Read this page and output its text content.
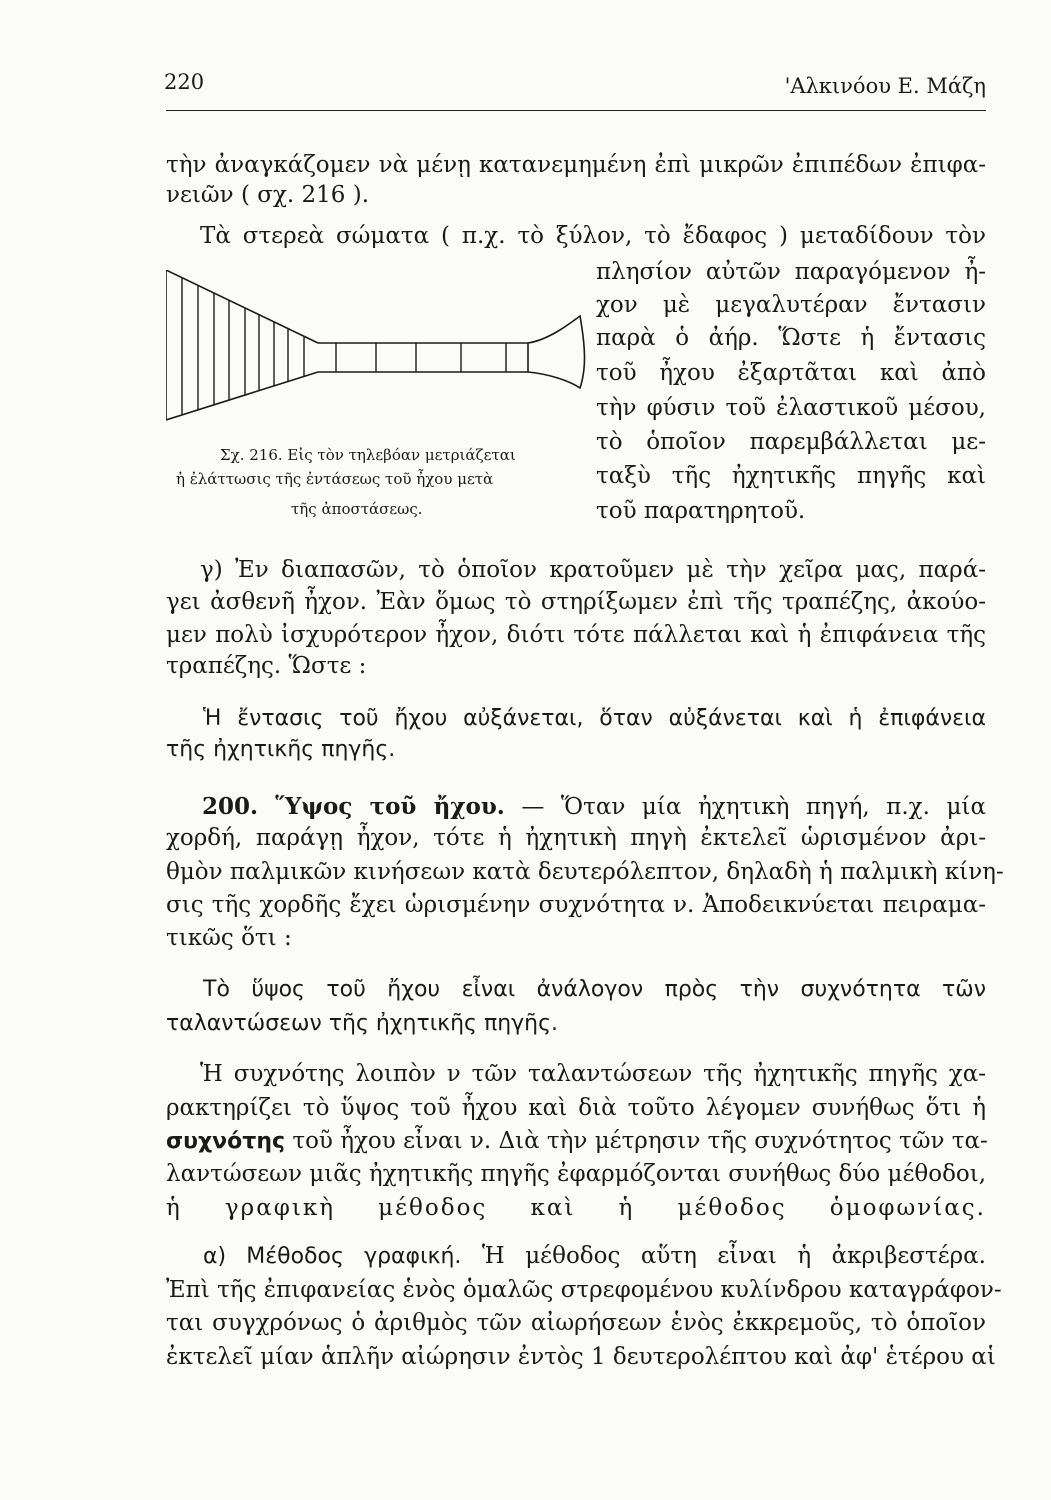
220	'Αλκινόου Ε. Μάζη
τὴν ἀναγκάζομεν νὰ μένῃ κατανεμημένη ἐπὶ μικρῶν ἐπιπέδων ἐπιφα-
νειῶν ( σχ. 216 ).
Τὰ στερεὰ σώματα ( π.χ. τὸ ξύλον, τὸ ἔδαφος ) μεταδίδουν τὸν
πλησίον αὐτῶν παραγόμενον ἦ-
χον μὲ μεγαλυτέραν ἔντασιν
παρὰ ὁ ἀήρ. Ὥστε ἡ ἔντασις
τοῦ ἦχου ἐξαρτᾶται καὶ ἀπὸ
τὴν φύσιν τοῦ ἐλαστικοῦ μέσου,
τὸ ὁποῖον παρεμβάλλεται με-
ταξὺ τῆς ἠχητικῆς πηγῆς καὶ
τοῦ παρατηρητοῦ.
Σχ. 216. Εἰς τὸν τηλεβόαν μετριάζεται
ἡ ἐλάττωσις τῆς ἐντάσεως τοῦ ἦχου μετὰ
τῆς ἀποστάσεως.
γ) Ἐν διαπασῶν, τὸ ὁποῖον κρατοῦμεν μὲ τὴν χεῖρα μας, παρά-
γει ἀσθενῆ ἦχον. Ἐὰν ὅμως τὸ στηρίξωμεν ἐπὶ τῆς τραπέζης, ἀκούο-
μεν πολὺ ἰσχυρότερον ἦχον, διότι τότε πάλλεται καὶ ἡ ἐπιφάνεια τῆς
τραπέζης. Ὥστε :
Ἡ ἔντασις τοῦ ἤχου αὐξάνεται, ὅταν αὐξάνεται καὶ ἡ ἐπιφάνεια
τῆς ἠχητικῆς πηγῆς.
200. Ὕψος τοῦ ἤχου. — Ὅταν μία ἠχητικὴ πηγή, π.χ. μία
χορδή, παράγῃ ἦχον, τότε ἡ ἠχητικὴ πηγὴ ἐκτελεῖ ὡρισμένον ἀρι-
θμὸν παλμικῶν κινήσεων κατὰ δευτερόλεπτον, δηλαδὴ ἡ παλμικὴ κίνη-
σις τῆς χορδῆς ἔχει ὡρισμένην συχνότητα ν. Ἀποδεικνύεται πειραμα-
τικῶς ὅτι :
Τὸ ὕψος τοῦ ἤχου εἶναι ἀνάλογον πρὸς τὴν συχνότητα τῶν
ταλαντώσεων τῆς ἠχητικῆς πηγῆς.
Ἡ συχνότης λοιπὸν ν τῶν ταλαντώσεων τῆς ἠχητικῆς πηγῆς χα-
ρακτηρίζει τὸ ὕψος τοῦ ἦχου καὶ διὰ τοῦτο λέγομεν συνήθως ὅτι ἡ
συχνότης τοῦ ἦχου εἶναι ν. Διὰ τὴν μέτρησιν τῆς συχνότητος τῶν τα-
λαντώσεων μιᾶς ἠχητικῆς πηγῆς ἐφαρμόζονται συνήθως δύο μέθοδοι,
ἡ γραφικὴ μέθοδος καὶ ἡ μέθοδος ὁμοφωνίας.
α) Μέθοδος γραφική. Ἡ μέθοδος αὕτη εἶναι ἡ ἀκριβεστέρα.
Ἐπὶ τῆς ἐπιφανείας ἑνὸς ὁμαλῶς στρεφομένου κυλίνδρου καταγράφον-
ται συγχρόνως ὁ ἀριθμὸς τῶν αἰωρήσεων ἑνὸς ἐκκρεμοῦς, τὸ ὁποῖον
ἐκτελεῖ μίαν ἁπλῆν αἰώρησιν ἐντὸς 1 δευτερολέπτου καὶ ἀφ' ἑτέρου αἱ
